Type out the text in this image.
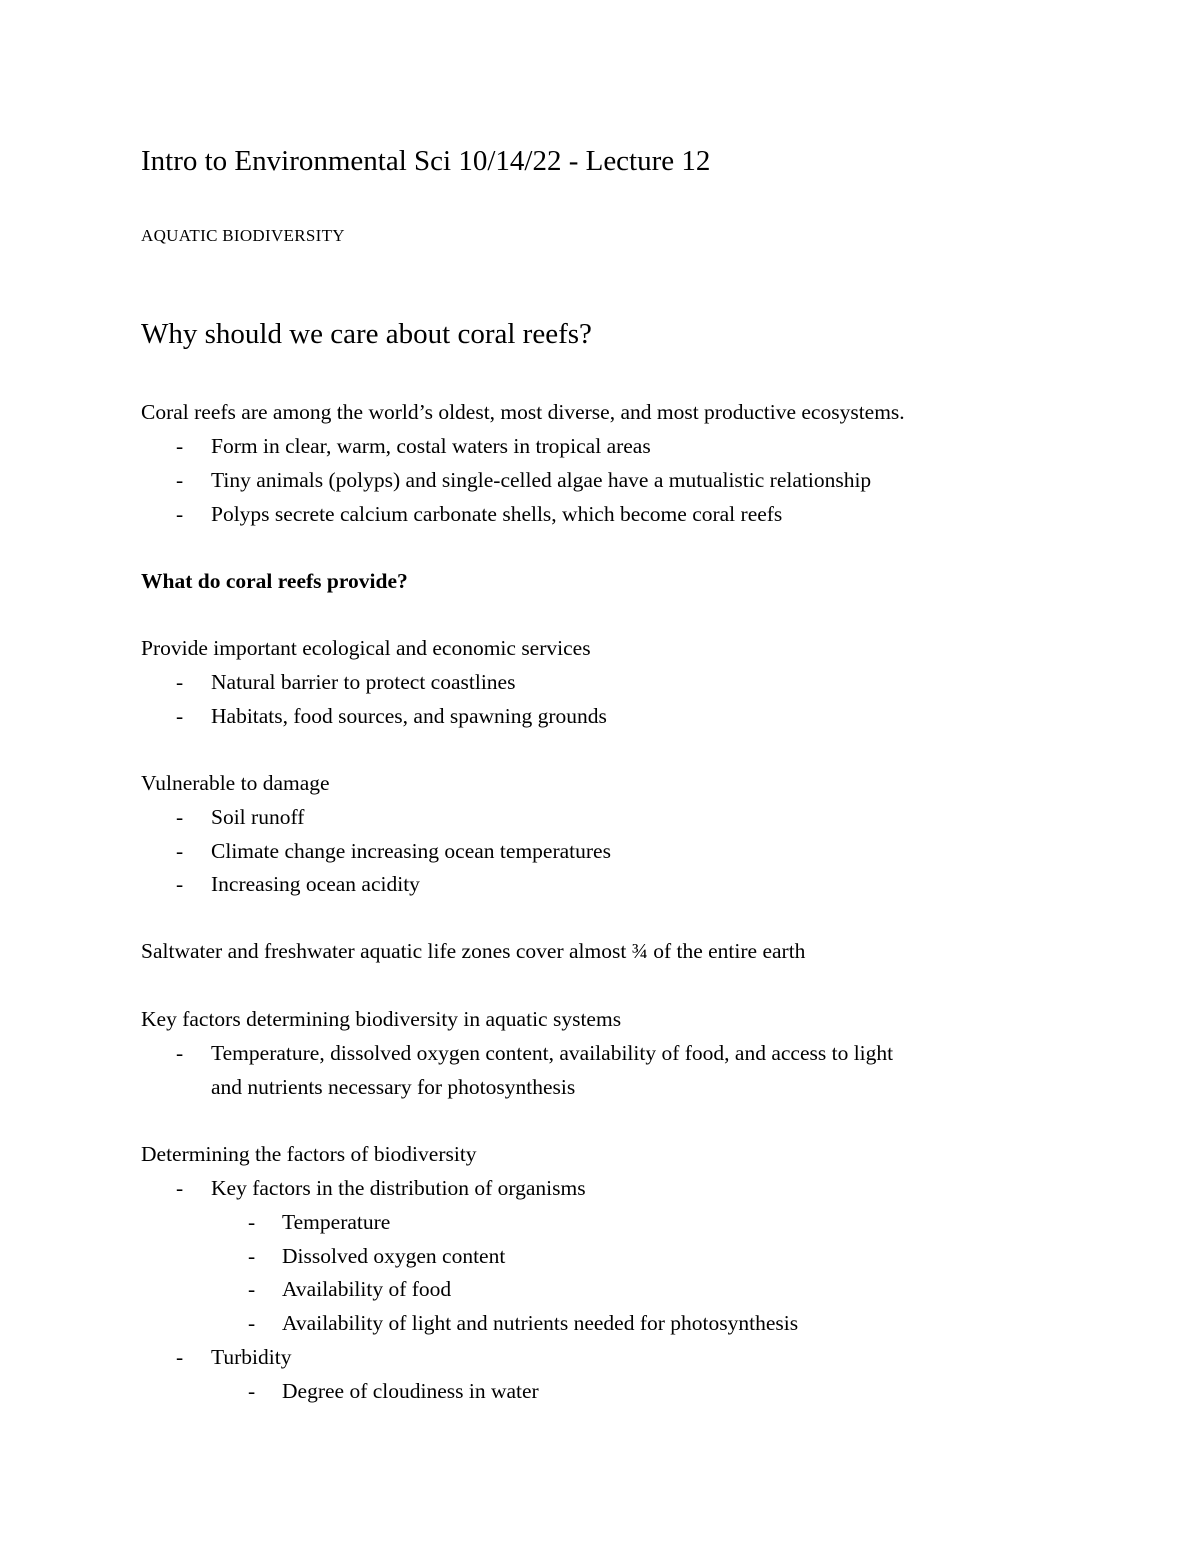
Intro to Environmental Sci 10/14/22 - Lecture 12

AQUATIC BIODIVERSITY

Why should we care about coral reefs?

Coral reefs are among the world’s oldest, most diverse, and most productive ecosystems.

- Form in clear, warm, costal waters in tropical areas

- Tiny animals (polyps) and single-celled algae have a mutualistic relationship

- Polyps secrete calcium carbonate shells, which become coral reefs

What do coral reefs provide?

Provide important ecological and economic services

- Natural barrier to protect coastlines

- Habitats, food sources, and spawning grounds

Vulnerable to damage

- Soil runoff

- Climate change increasing ocean temperatures

- Increasing ocean acidity

Saltwater and freshwater aquatic life zones cover almost ¾ of the entire earth

Key factors determining biodiversity in aquatic systems

- Temperature, dissolved oxygen content, availability of food, and access to light

and nutrients necessary for photosynthesis

Determining the factors of biodiversity

- Key factors in the distribution of organisms

- Temperature

- Dissolved oxygen content

- Availability of food

- Availability of light and nutrients needed for photosynthesis

- Turbidity

- Degree of cloudiness in water
